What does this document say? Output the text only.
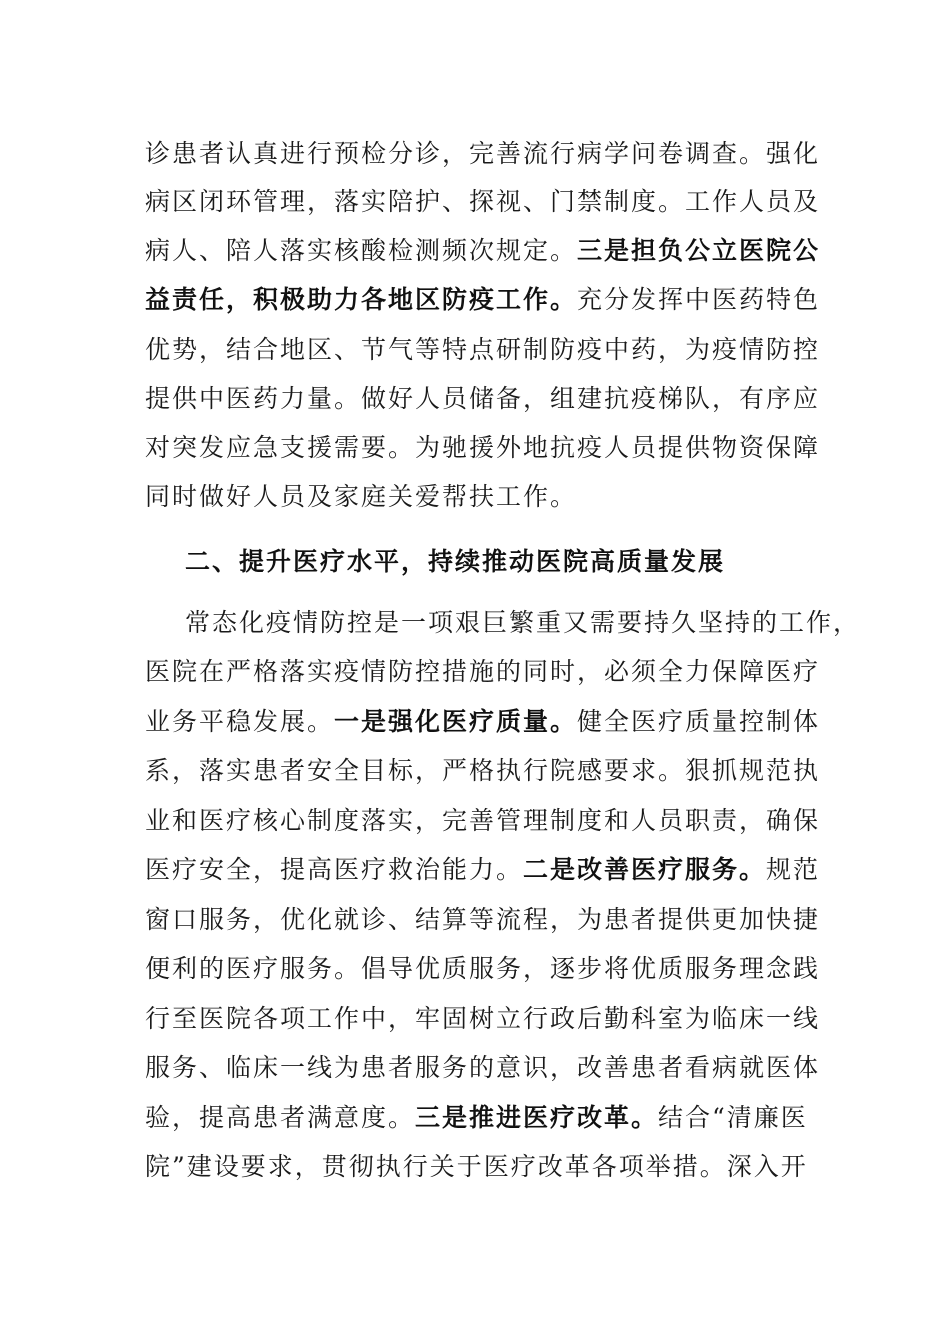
诊患者认真进行预检分诊，完善流行病学问卷调查。强化
病区闭环管理，落实陪护、探视、门禁制度。工作人员及
病人、陪人落实核酸检测频次规定。三是担负公立医院公
益责任，积极助力各地区防疫工作。充分发挥中医药特色
优势，结合地区、节气等特点研制防疫中药，为疫情防控
提供中医药力量。做好人员储备，组建抗疫梯队，有序应
对突发应急支援需要。为驰援外地抗疫人员提供物资保障
同时做好人员及家庭关爱帮扶工作。
二、提升医疗水平，持续推动医院高质量发展
常态化疫情防控是一项艰巨繁重又需要持久坚持的工作，
医院在严格落实疫情防控措施的同时，必须全力保障医疗
业务平稳发展。一是强化医疗质量。健全医疗质量控制体
系，落实患者安全目标，严格执行院感要求。狠抓规范执
业和医疗核心制度落实，完善管理制度和人员职责，确保
医疗安全，提高医疗救治能力。二是改善医疗服务。规范
窗口服务，优化就诊、结算等流程，为患者提供更加快捷
便利的医疗服务。倡导优质服务，逐步将优质服务理念践
行至医院各项工作中，牢固树立行政后勤科室为临床一线
服务、临床一线为患者服务的意识，改善患者看病就医体
验，提高患者满意度。三是推进医疗改革。结合“清廉医
院”建设要求，贯彻执行关于医疗改革各项举措。深入开
